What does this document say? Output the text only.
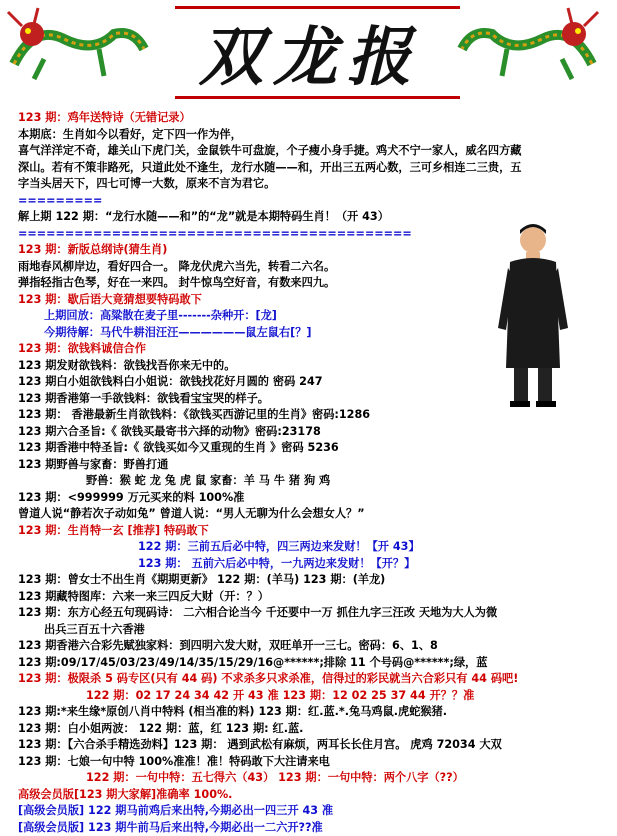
双龙报
123 期：鸡年送特诗（无错记录）
本期底：生肖如今以看好，定下四一作为伴，
喜气洋洋定不奇，雄关山下虎门关，金鼠铁牛可盘旋，个子瘦小身手捷。鸡犬不宁一家人，威名四方藏
深山。若有不策非路死，只道此处不逢生，龙行水随——和，开出三五两心数，三可乡相连二三贵，五
字当头居天下，四七可博一大数，原来不言为君它。
=========
解上期 122 期：“龙行水随——和”的“龙”就是本期特码生肖！（开 43）
==========================================
123 期：新版总纲诗(猜生肖)
雨地春风柳岸边，看好四合一。 降龙伏虎六当先，转看二六名。
弹指轻指古色琴，好在一来四。 封牛惊鸟空好音，有数来四九。
123 期：歇后语大竟猜想要特码敢下
上期回放：高粱散在麦子里-------杂种开：[龙]
今期待解：马代牛耕泪汪汪——————鼠左鼠右[？]
123 期：欲钱料诚信合作
123 期发财欲钱料：欲钱找吾你来无中的。
123 期白小姐欲钱料白小姐说：欲钱找花好月圆的 密码 247
123 期香港第一手欲钱料：欲钱看宝宝哭的样子。
123 期： 香港最新生肖欲钱料：《欲钱买西游记里的生肖》密码:1286
123 期六合圣旨:《 欲钱买最寄书六择的动物》密码:23178
123 期香港中特圣旨:《 欲钱买如今又重现的生肖 》密码 5236
123 期野兽与家畜：野兽打通
野兽：猴 蛇 龙 兔 虎 鼠 家畜：羊 马 牛 猪 狗 鸡
123 期：<999999 万元买来的料 100%准
曾道人说“静若次子动如兔” 曾道人说：“男人无聊为什么会想女人？”
123 期：生肖特一玄 [推荐] 特码敢下
122 期：三前五后必中特，四三两边来发财！【开 43】
123 期： 五前六后必中特，一九两边来发财！【开？】
123 期：曾女士不出生肖《期期更新》 122 期：(羊马) 123 期：(羊龙)
123 期藏特图库：六来一来三四反大财（开：？）
123 期：东方心经五句现码诗： 二六相合论当今 千还要中一万 抓住九字三汪改 天地为大人为微
出兵三百五十六香港
123 期香港六合彩先赋独家料：到四明六发大财，双旺单开一三七。密码：6、1、8
123 期:09/17/45/03/23/49/14/35/15/29/16@******;排除 11 个号码@******;绿，蓝
123 期：极限杀 5 码专区(只有 44 码) 不求杀多只求杀准，信得过的彩民就当六合彩只有 44 码吧!
122 期：02 17 24 34 42 开 43 准 123 期：12 02 25 37 44 开？？准
123 期:*来生缘*原创八肖中特料 (相当准的料) 123 期：红.蓝.*.兔马鸡鼠.虎蛇猴猪.
123 期：白小姐两波： 122 期：蓝，红 123 期: 红.蓝.
123 期：【六合杀手精选劲料】123 期： 遇到武松有麻烦，两耳长长住月宫。 虎鸡 72034 大双
123 期：七娘一句中特 100%准准！准！特码敢下大注请来电
122 期：一句中特：五七得六（43） 123 期：一句中特：两个八字（??）
高级会员版[123 期大家解]准确率 100%.
[高级会员版] 122 期马前鸡后来出特,今期必出一四三开 43 准
[高级会员版] 123 期牛前马后来出特,今期必出一二六开??准
